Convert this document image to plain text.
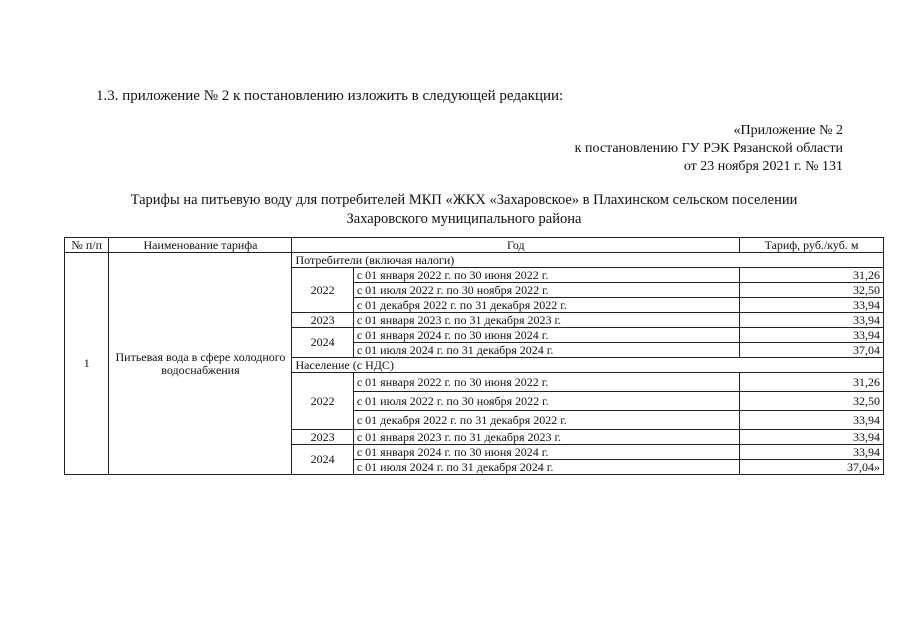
1.3. приложение № 2 к постановлению изложить в следующей редакции:
«Приложение № 2
к постановлению ГУ РЭК Рязанской области
от 23 ноября 2021 г. № 131
Тарифы на питьевую воду для потребителей МКП «ЖКХ «Захаровское» в Плахинском сельском поселении
Захаровского муниципального района
№ п/п	Наименование тарифа	Год		Тариф, руб./куб. м
1	Питьевая вода в сфере холодного водоснабжения	Потребители (включая налоги)		
		2022	с 01 января 2022 г. по 30 июня 2022 г.	31,26
			с 01 июля 2022 г. по 30 ноября 2022 г.	32,50
			с 01 декабря 2022 г. по 31 декабря 2022 г.	33,94
		2023	с 01 января 2023 г. по 31 декабря 2023 г.	33,94
		2024	с 01 января 2024 г. по 30 июня 2024 г.	33,94
			с 01 июля 2024 г. по 31 декабря 2024 г.	37,04
		Население (с НДС)		
		2022	с 01 января 2022 г. по 30 июня 2022 г.	31,26
			с 01 июля 2022 г. по 30 ноября 2022 г.	32,50
			с 01 декабря 2022 г. по 31 декабря 2022 г.	33,94
		2023	с 01 января 2023 г. по 31 декабря 2023 г.	33,94
		2024	с 01 января 2024 г. по 30 июня 2024 г.	33,94
			с 01 июля 2024 г. по 31 декабря 2024 г.	37,04»
